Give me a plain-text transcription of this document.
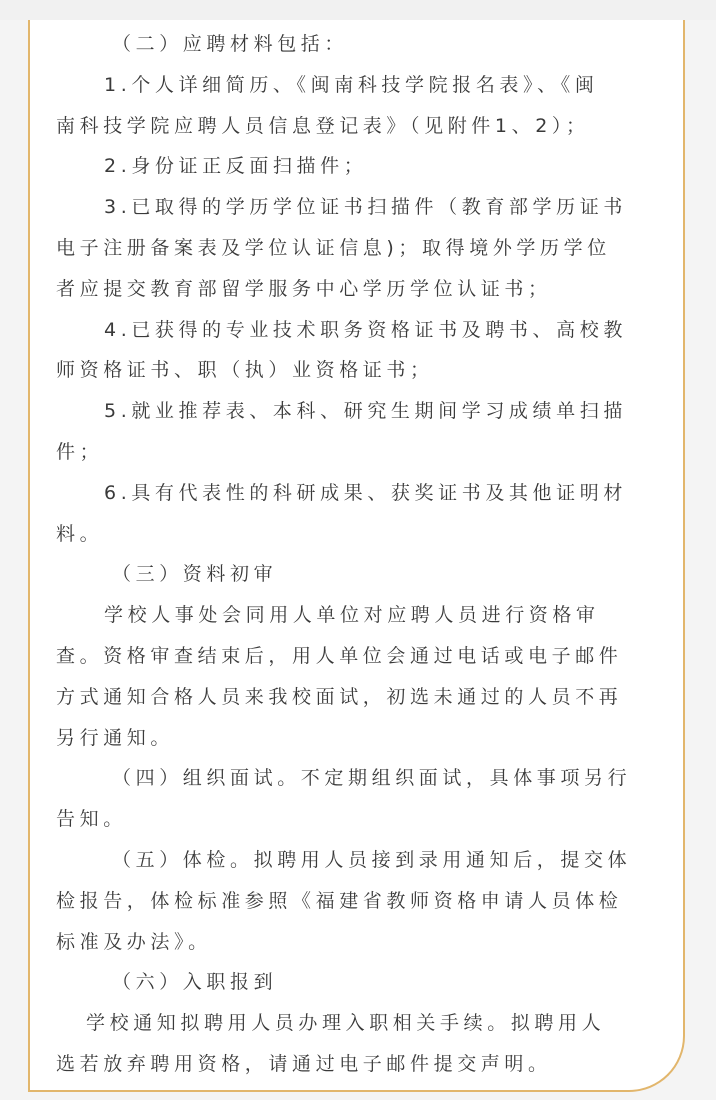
（二）应聘材料包括：

1.个人详细简历、《闽南科技学院报名表》、《闽

南科技学院应聘人员信息登记表》（见附件1、2）；

2.身份证正反面扫描件；

3.已取得的学历学位证书扫描件（教育部学历证书

电子注册备案表及学位认证信息)；取得境外学历学位

者应提交教育部留学服务中心学历学位认证书；

4.已获得的专业技术职务资格证书及聘书、高校教

师资格证书、职（执）业资格证书；

5.就业推荐表、本科、研究生期间学习成绩单扫描

件；

6.具有代表性的科研成果、获奖证书及其他证明材

料。

（三）资料初审

学校人事处会同用人单位对应聘人员进行资格审

查。资格审查结束后，用人单位会通过电话或电子邮件

方式通知合格人员来我校面试，初选未通过的人员不再

另行通知。

（四）组织面试。不定期组织面试，具体事项另行

告知。

（五）体检。拟聘用人员接到录用通知后，提交体

检报告，体检标准参照《福建省教师资格申请人员体检

标准及办法》。

（六）入职报到

学校通知拟聘用人员办理入职相关手续。拟聘用人

选若放弃聘用资格，请通过电子邮件提交声明。
